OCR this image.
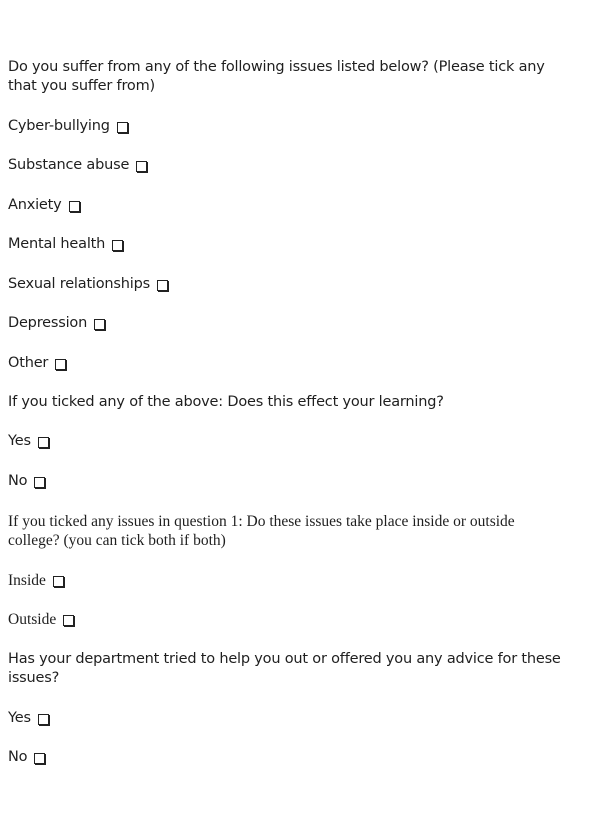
Do you suffer from any of the following issues listed below? (Please tick any that you suffer from)
Cyber-bullying
Substance abuse
Anxiety
Mental health
Sexual relationships
Depression
Other
If you ticked any of the above: Does this effect your learning?
Yes
No
If you ticked any issues in question 1: Do these issues take place inside or outside college? (you can tick both if both)
Inside
Outside
Has your department tried to help you out or offered you any advice for these issues?
Yes
No
